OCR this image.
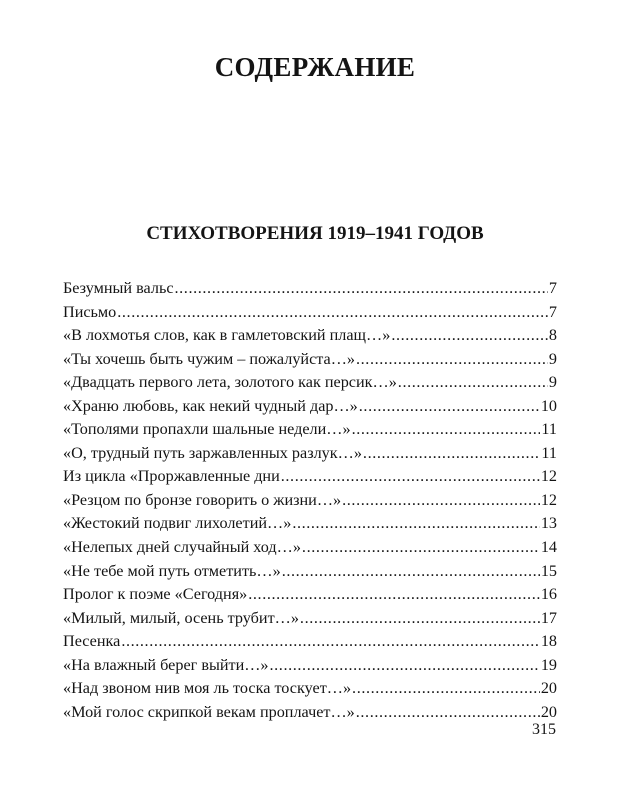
СОДЕРЖАНИЕ
СТИХОТВОРЕНИЯ 1919–1941 ГОДОВ
Безумный вальс .....	7
Письмо .....	7
«В лохмотья слов, как в гамлетовский плащ…» .....	8
«Ты хочешь быть чужим – пожалуйста…» .....	9
«Двадцать первого лета, золотого как персик…» .....	9
«Храню любовь, как некий чудный дар…» .....	10
«Тополями пропахли шальные недели…» .....	11
«О, трудный путь заржавленных разлук…» .....	11
Из цикла «Проржавленные дни .....	12
«Резцом по бронзе говорить о жизни…» .....	12
«Жестокий подвиг лихолетий…» .....	13
«Нелепых дней случайный ход…» .....	14
«Не тебе мой путь отметить…» .....	15
Пролог к поэме «Сегодня» .....	16
«Милый, милый, осень трубит…» .....	17
Песенка .....	18
«На влажный берег выйти…» .....	19
«Над звоном нив моя ль тоска тоскует…» .....	20
«Мой голос скрипкой векам проплачет…» .....	20
315
